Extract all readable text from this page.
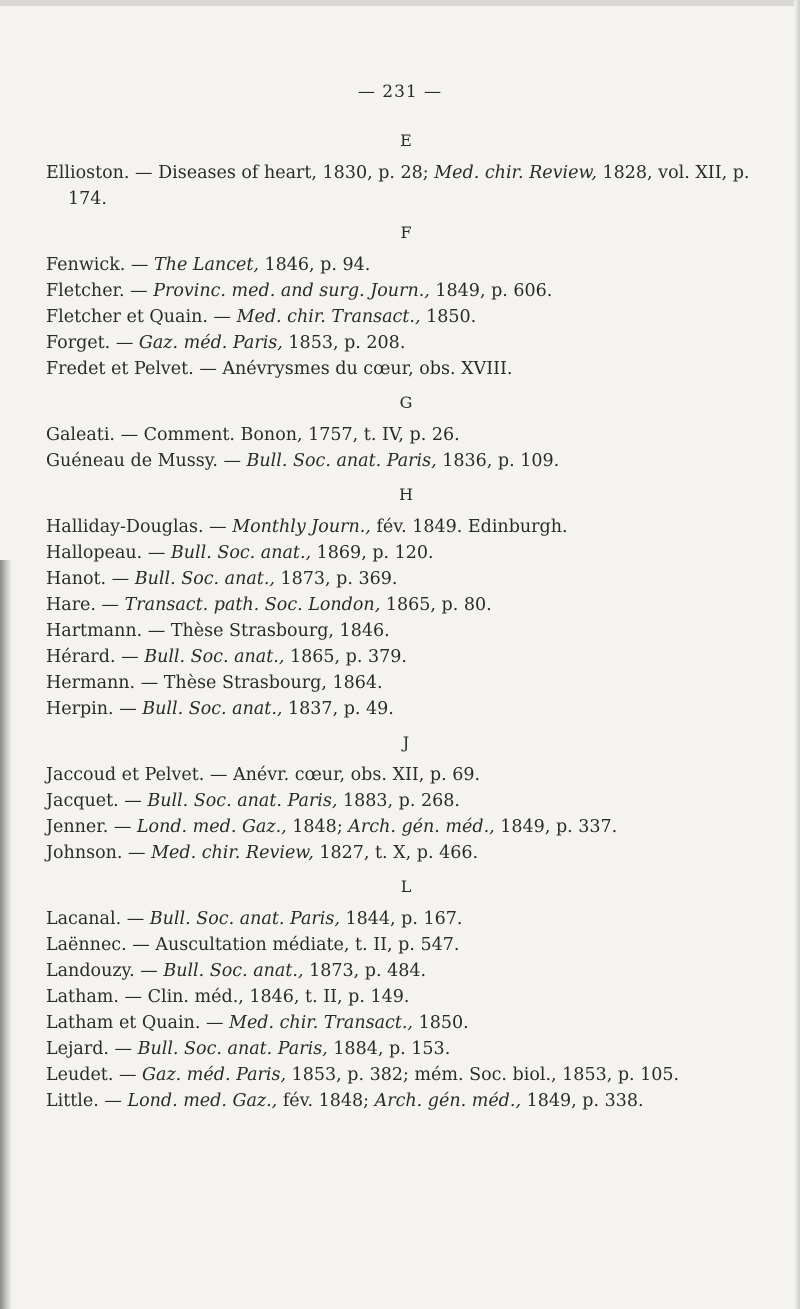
— 231 —
E
Ellioston. — Diseases of heart, 1830, p. 28; Med. chir. Review, 1828, vol. XII, p. 174.
F
Fenwick. — The Lancet, 1846, p. 94.
Fletcher. — Provinc. med. and surg. Journ., 1849, p. 606.
Fletcher et Quain. — Med. chir. Transact., 1850.
Forget. — Gaz. méd. Paris, 1853, p. 208.
Fredet et Pelvet. — Anévrysmes du cœur, obs. XVIII.
G
Galeati. — Comment. Bonon, 1757, t. IV, p. 26.
Guéneau de Mussy. — Bull. Soc. anat. Paris, 1836, p. 109.
H
Halliday-Douglas. — Monthly Journ., fév. 1849. Edinburgh.
Hallopeau. — Bull. Soc. anat., 1869, p. 120.
Hanot. — Bull. Soc. anat., 1873, p. 369.
Hare. — Transact. path. Soc. London, 1865, p. 80.
Hartmann. — Thèse Strasbourg, 1846.
Hérard. — Bull. Soc. anat., 1865, p. 379.
Hermann. — Thèse Strasbourg, 1864.
Herpin. — Bull. Soc. anat., 1837, p. 49.
J
Jaccoud et Pelvet. — Anévr. cœur, obs. XII, p. 69.
Jacquet. — Bull. Soc. anat. Paris, 1883, p. 268.
Jenner. — Lond. med. Gaz., 1848; Arch. gén. méd., 1849, p. 337.
Johnson. — Med. chir. Review, 1827, t. X, p. 466.
L
Lacanal. — Bull. Soc. anat. Paris, 1844, p. 167.
Laënnec. — Auscultation médiate, t. II, p. 547.
Landouzy. — Bull. Soc. anat., 1873, p. 484.
Latham. — Clin. méd., 1846, t. II, p. 149.
Latham et Quain. — Med. chir. Transact., 1850.
Lejard. — Bull. Soc. anat. Paris, 1884, p. 153.
Leudet. — Gaz. méd. Paris, 1853, p. 382; mém. Soc. biol., 1853, p. 105.
Little. — Lond. med. Gaz., fév. 1848; Arch. gén. méd., 1849, p. 338.
